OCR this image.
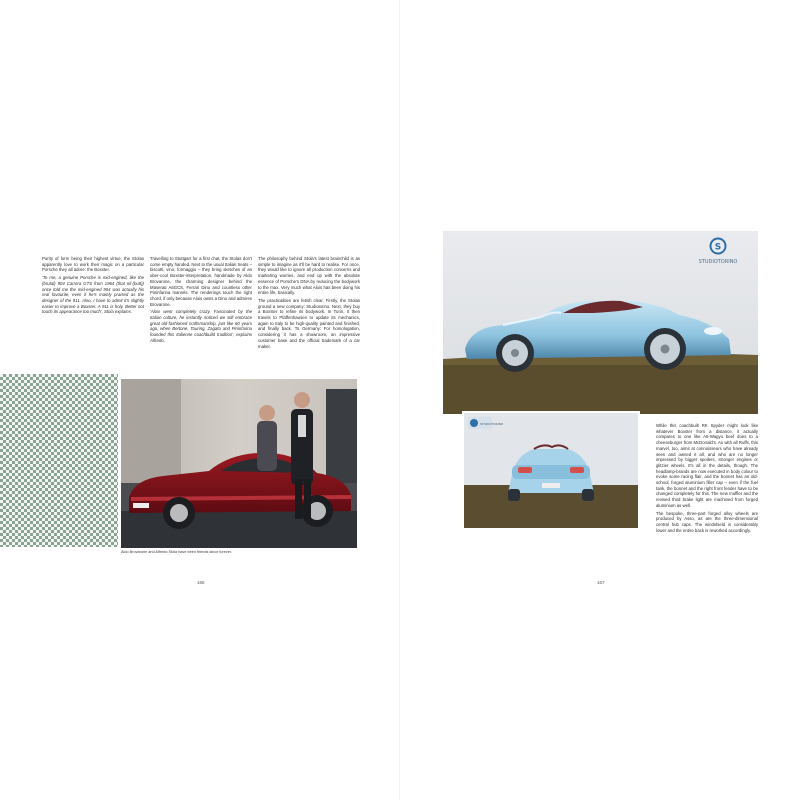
Purity of form being their highest virtue, the Stolas apparently love to work their magic on a particular Porsche they all adore: the Boxster.

'To me, a genuine Porsche is mid-engined, like the (brutal) 904 Carrera GTS from 1964 (that oil-(butt)) once told me the mid-engined 904 was actually his real favourite, even if he's mainly praised as the designer of the 911. Also, I have to admit it's slightly easier to improve a Boxster. A 911 is holy. Better not touch its appearance too much', Stola explains.

Travelling to Stuttgart for a first chat, the Stolas don't come empty handed. Next to the usual Italian treats – biscotti, vino, formaggio – they bring sketches of an uber-cool Boxster-interpretation, handmade by Aldo Brovarone, the charming designer behind the Maserati A6GCS, Ferrari Dino and countless other Pininfarina marvels. The renderings touch the right chord, if only because Alois owns a Dino and admires Brovarone.

'Alois went completely crazy. Fascinated by the Italian culture, he instantly noticed we still embrace great old-fashioned craftsmanship, just like 60 years ago, when Bertone, Touring, Zagato and Pininfarina founded this Italienne coachbuild tradition', explains Alfredo.

The philosophy behind Stola's latest brainchild is as simple to imagine as it'll be hard to realise. For once, they would like to ignore all production concerns and marketing worries, and end up with the absolute essence of Porsche's DNA by reducing the bodywork to the max. Very much what Alois has been doing his entire life, basically.

The practicalities are fetish clear. Firstly, the Stolas ground a new company: Studiotorino. Next, they buy a Boxster to refine its bodywork. In Turin. It then travels to Pfaffenhausen to update its mechanics, again to Italy to be high-quality painted and finished, and finally back. To Germany: For homologation, considering it has a showroom, an impressive customer base and the official trademark of a car maker.

Aldo Brovarone and Alfredo Stola have been friends since forever.
166
S
STUDIOTORINO
STUDIOTORINO	While this coachbuilt RK Spyder might look like whatever Boxster from a distance, it actually compares to one like A5-Wagyu beef does to a cheeseburger from McDonald's. As with all Ruffs, this marvel, too, aims at connoisseurs who have already seen and owned it all, and who are no longer impressed by bigger spoilers, stronger engines or glitzier wheels. It's all in the details, though. The headlamp-brands are now executed in body colour to evoke some racing flair, and the bonnet has an old-school, forged aluminium filler cap – even if the fuel tank, the bonnet and the right front fender have to be changed completely for this. The new muffler and the revised third brake light are machined from forged aluminium as well.

The bespoke, three-part forged alloy wheels are produced by Asso, as are the three-dimensional central hub caps. The windshield is considerably lower and the entire back is reworked accordingly.

167
